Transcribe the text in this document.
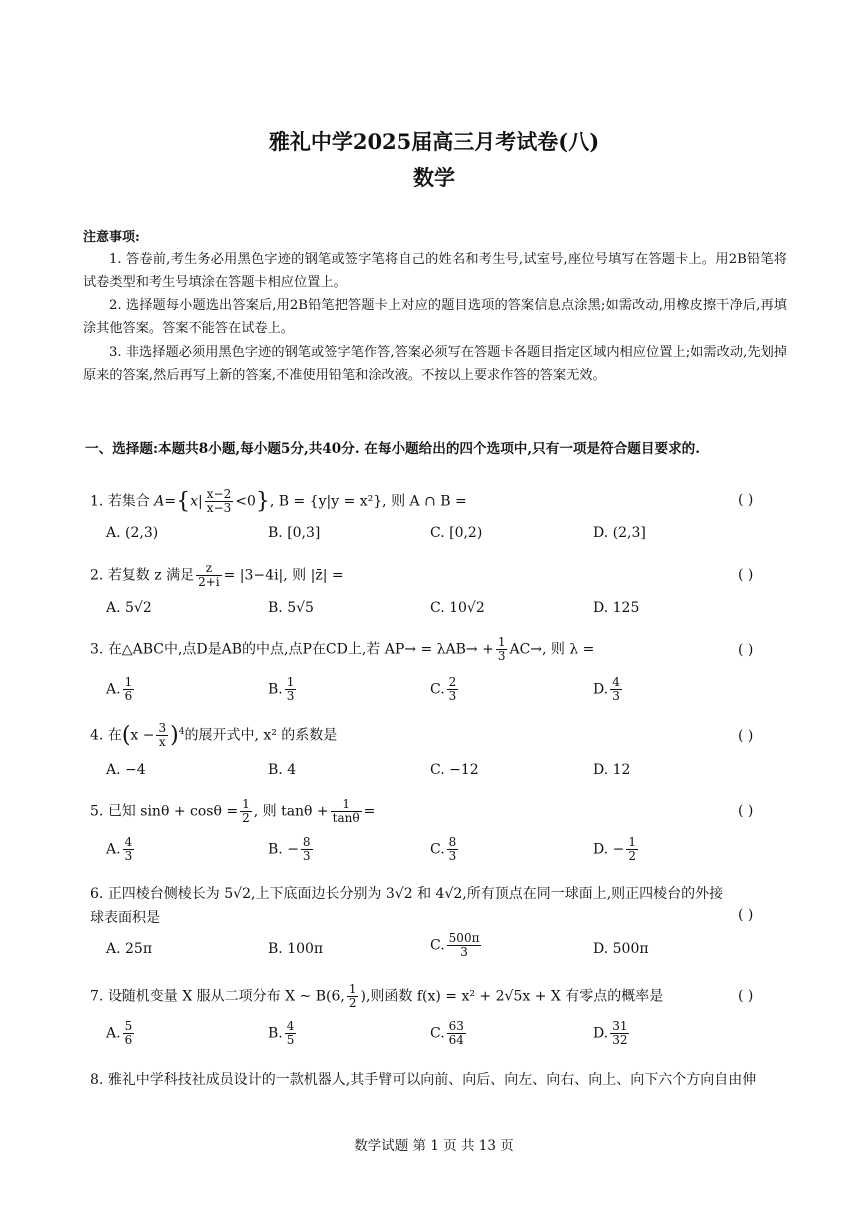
雅礼中学2025届高三月考试卷(八)
数学
注意事项:
1. 答卷前,考生务必用黑色字迹的钢笔或签字笔将自己的姓名和考生号,试室号,座位号填写在答题卡上。用2B铅笔将试卷类型和考生号填涂在答题卡相应位置上。
2. 选择题每小题选出答案后,用2B铅笔把答题卡上对应的题目选项的答案信息点涂黑;如需改动,用橡皮擦干净后,再填涂其他答案。答案不能答在试卷上。
3. 非选择题必须用黑色字迹的钢笔或签字笔作答,答案必须写在答题卡各题目指定区域内相应位置上;如需改动,先划掉原来的答案,然后再写上新的答案,不准使用铅笔和涂改液。不按以上要求作答的答案无效。
一、选择题:本题共8小题,每小题5分,共40分. 在每小题给出的四个选项中,只有一项是符合题目要求的.
1. 若集合 $A=\{x| \frac{x-2}{x-3} <0\}$, B = {y|y = x²}, 则 A ∩ B =	( )
A. (2,3)	B. [0,3]	C. [0,2)	D. (2,3]
2. 若复数 z 满足 $\frac{z}{2+i} = |3-4i|$, 则 |z̄| =	( )
A. 5√2	B. 5√5	C. 10√2	D. 125
3. 在△ABC中,点D是AB的中点,点P在CD上,若 $AP\to = \lambda AB\to + \frac{1}{3} AC\to$, 则 λ =	( )
A. $\frac{1}{6}$	B. $\frac{1}{3}$	C. $\frac{2}{3}$	D. $\frac{4}{3}$
4. 在$(x - \frac{3}{x} )^4$的展开式中, x² 的系数是	( )
A. −4	B. 4	C. −12	D. 12
5. 已知 $\sin\theta + \cos\theta = \frac{1}{2}$ , 则 $\tan\theta + \frac{1}{\tan\theta}$ =	( )
A. $\frac{4}{3}$	B. − $\frac{8}{3}$	C. $\frac{8}{3}$	D. − $\frac{1}{2}$
6. 正四棱台侧棱长为 5√2,上下底面边长分别为 3√2 和 4√2,所有顶点在同一球面上,则正四棱台的外接
球表面积是	( )
A. 25π	B. 100π	C. $\frac{500\pi}{3}$	D. 500π
7. 设随机变量 X 服从二项分布 X ~ B(6, $\frac{1}{2}$ ),则函数 f(x) = x² + 2√5x + X 有零点的概率是	( )
A. $\frac{5}{6}$	B. $\frac{4}{5}$	C. $\frac{63}{64}$	D. $\frac{31}{32}$
8. 雅礼中学科技社成员设计的一款机器人,其手臂可以向前、向后、向左、向右、向上、向下六个方向自由伸
数学试题 第 1 页 共 13 页
